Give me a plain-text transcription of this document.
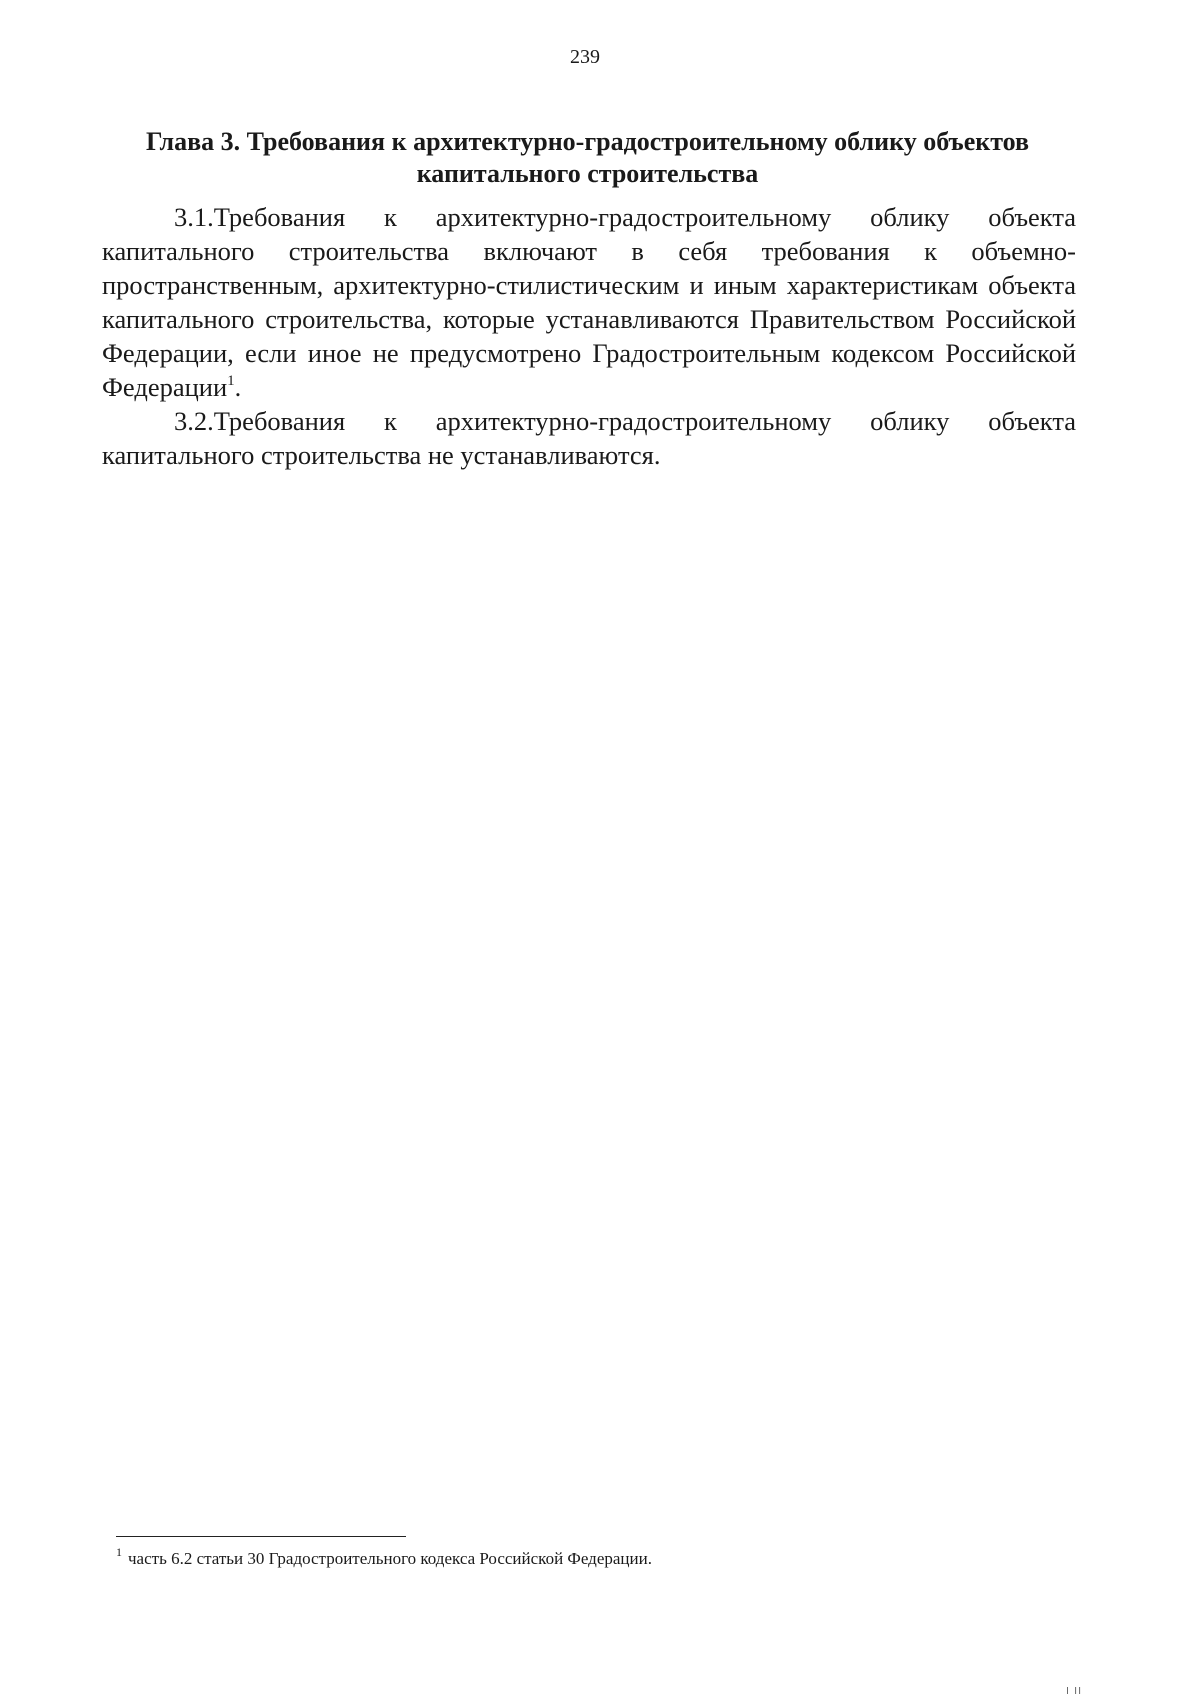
239
Глава 3. Требования к архитектурно-градостроительному облику объектов капитального строительства

3.1.Требования к архитектурно-градостроительному облику объекта капитального строительства включают в себя требования к объемно-пространственным, архитектурно-стилистическим и иным характеристикам объекта капитального строительства, которые устанавливаются Правительством Российской Федерации, если иное не предусмотрено Градостроительным кодексом Российской Федерации$^1$.

3.2.Требования к архитектурно-градостроительному облику объекта капитального строительства не устанавливаются.

$^1$ часть 6.2 статьи 30 Градостроительного кодекса Российской Федерации.
I II
